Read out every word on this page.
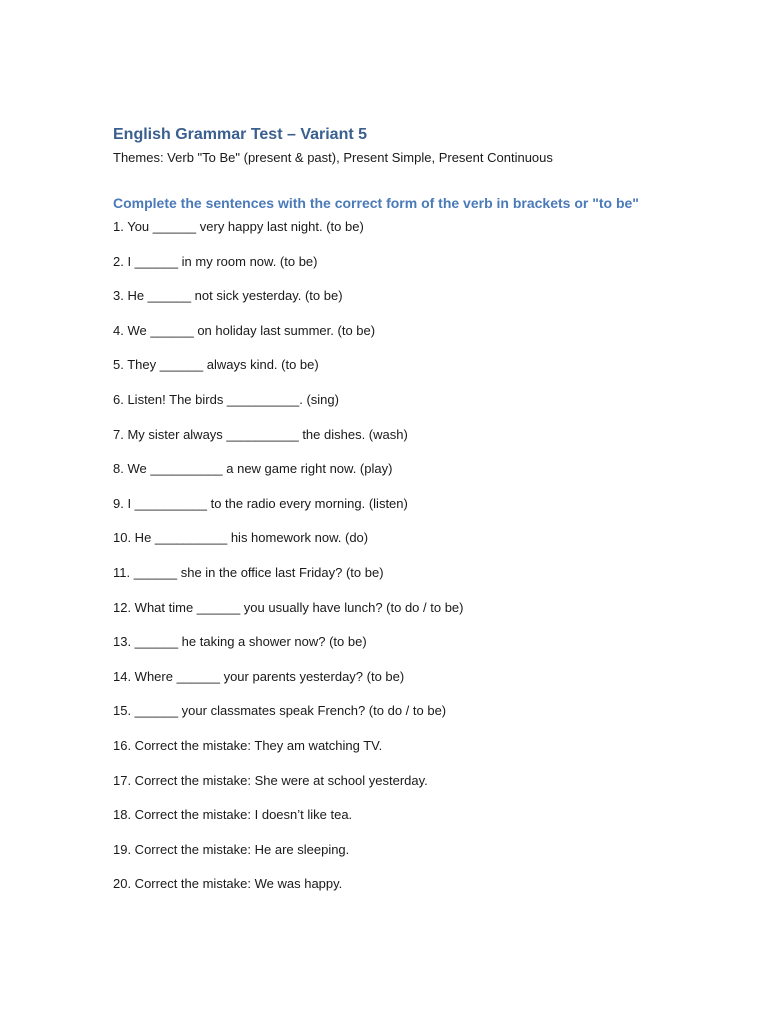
English Grammar Test – Variant 5

Themes: Verb "To Be" (present & past), Present Simple, Present Continuous

Complete the sentences with the correct form of the verb in brackets or "to be"
1. You ______ very happy last night. (to be)
2. I ______ in my room now. (to be)
3. He ______ not sick yesterday. (to be)
4. We ______ on holiday last summer. (to be)
5. They ______ always kind. (to be)
6. Listen! The birds __________. (sing)
7. My sister always __________ the dishes. (wash)
8. We __________ a new game right now. (play)
9. I __________ to the radio every morning. (listen)
10. He __________ his homework now. (do)
11. ______ she in the office last Friday? (to be)
12. What time ______ you usually have lunch? (to do / to be)
13. ______ he taking a shower now? (to be)
14. Where ______ your parents yesterday? (to be)
15. ______ your classmates speak French? (to do / to be)
16. Correct the mistake: They am watching TV.
17. Correct the mistake: She were at school yesterday.
18. Correct the mistake: I doesn’t like tea.
19. Correct the mistake: He are sleeping.
20. Correct the mistake: We was happy.
